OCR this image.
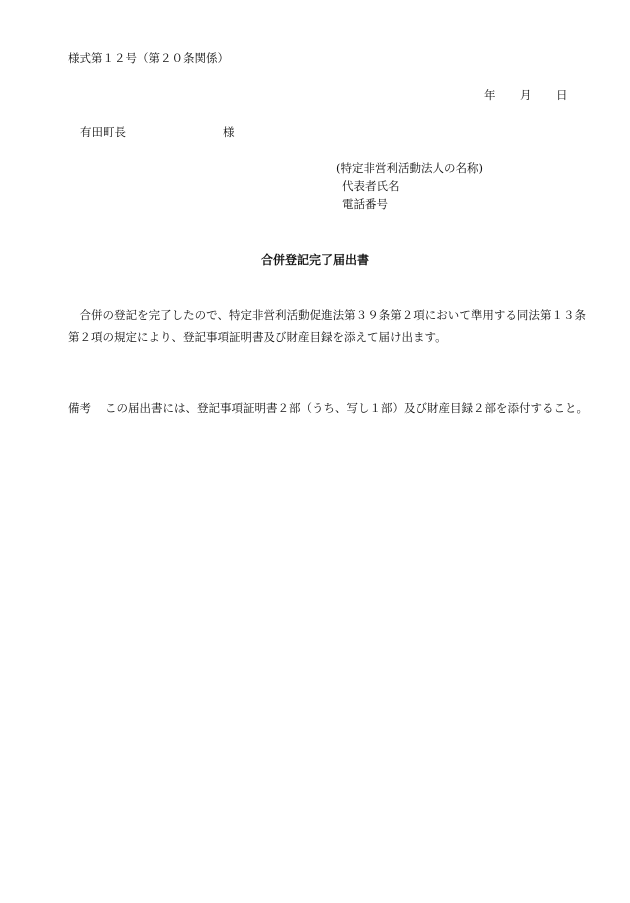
様式第１２号（第２０条関係）
年 月 日
有田町長	様
(特定非営利活動法人の名称)
代表者氏名
電話番号
合併登記完了届出書
合併の登記を完了したので、特定非営利活動促進法第３９条第２項において準用する同法第１３条第２項の規定により、登記事項証明書及び財産目録を添えて届け出ます。
備考	この届出書には、登記事項証明書２部（うち、写し１部）及び財産目録２部を添付すること。
